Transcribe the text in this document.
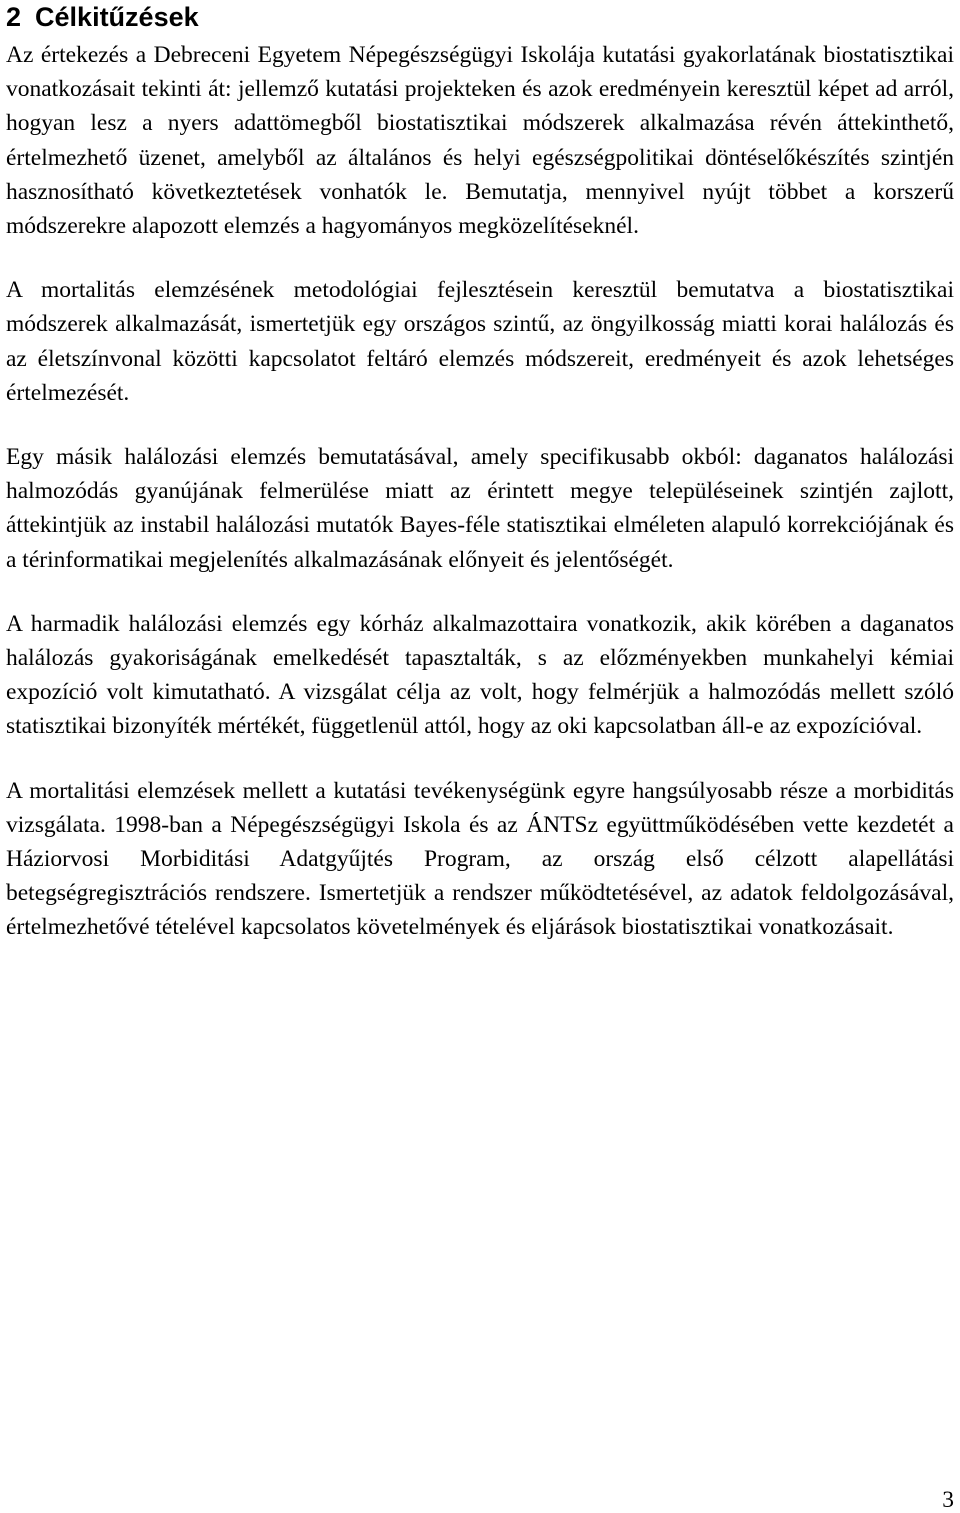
2 Célkitűzések

Az értekezés a Debreceni Egyetem Népegészségügyi Iskolája kutatási gyakorlatának biostatisztikai vonatkozásait tekinti át: jellemző kutatási projekteken és azok eredményein keresztül képet ad arról, hogyan lesz a nyers adattömegből biostatisztikai módszerek alkalmazása révén áttekinthető, értelmezhető üzenet, amelyből az általános és helyi egészségpolitikai döntéselőkészítés szintjén hasznosítható következtetések vonhatók le. Bemutatja, mennyivel nyújt többet a korszerű módszerekre alapozott elemzés a hagyományos megközelítéseknél.

A mortalitás elemzésének metodológiai fejlesztésein keresztül bemutatva a biostatisztikai módszerek alkalmazását, ismertetjük egy országos szintű, az öngyilkosság miatti korai halálozás és az életszínvonal közötti kapcsolatot feltáró elemzés módszereit, eredményeit és azok lehetséges értelmezését.

Egy másik halálozási elemzés bemutatásával, amely specifikusabb okból: daganatos halálozási halmozódás gyanújának felmerülése miatt az érintett megye településeinek szintjén zajlott, áttekintjük az instabil halálozási mutatók Bayes-féle statisztikai elméleten alapuló korrekciójának és a térinformatikai megjelenítés alkalmazásának előnyeit és jelentőségét.

A harmadik halálozási elemzés egy kórház alkalmazottaira vonatkozik, akik körében a daganatos halálozás gyakoriságának emelkedését tapasztalták, s az előzményekben munkahelyi kémiai expozíció volt kimutatható. A vizsgálat célja az volt, hogy felmérjük a halmozódás mellett szóló statisztikai bizonyíték mértékét, függetlenül attól, hogy az oki kapcsolatban áll-e az expozícióval.

A mortalitási elemzések mellett a kutatási tevékenységünk egyre hangsúlyosabb része a morbiditás vizsgálata. 1998-ban a Népegészségügyi Iskola és az ÁNTSz együttműködésében vette kezdetét a Háziorvosi Morbiditási Adatgyűjtés Program, az ország első célzott alapellátási betegségregisztrációs rendszere. Ismertetjük a rendszer működtetésével, az adatok feldolgozásával, értelmezhetővé tételével kapcsolatos követelmények és eljárások biostatisztikai vonatkozásait.

3
